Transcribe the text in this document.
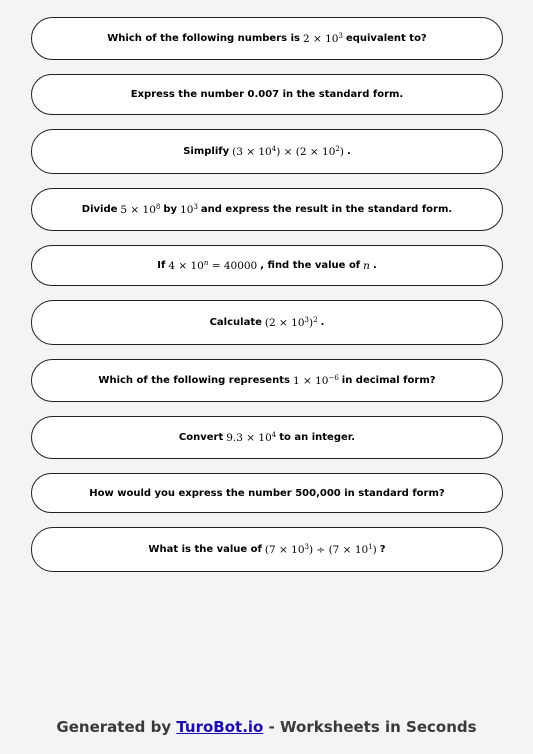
Which of the following numbers is $2 \times 10^3$ equivalent to?
Express the number 0.007 in the standard form.
Simplify $(3 \times 10^4) \times (2 \times 10^2)$ .
Divide $5 \times 10^8$ by $10^3$ and express the result in the standard form.
If $4 \times 10^n = 40000$ , find the value of n .
Calculate $(2 \times 10^3)^2$ .
Which of the following represents $1 \times 10^{-6}$ in decimal form?
Convert $9.3 \times 10^4$ to an integer.
How would you express the number 500,000 in standard form?
What is the value of $(7 \times 10^3) \div (7 \times 10^1)$ ?
Generated by TuroBot.io - Worksheets in Seconds
